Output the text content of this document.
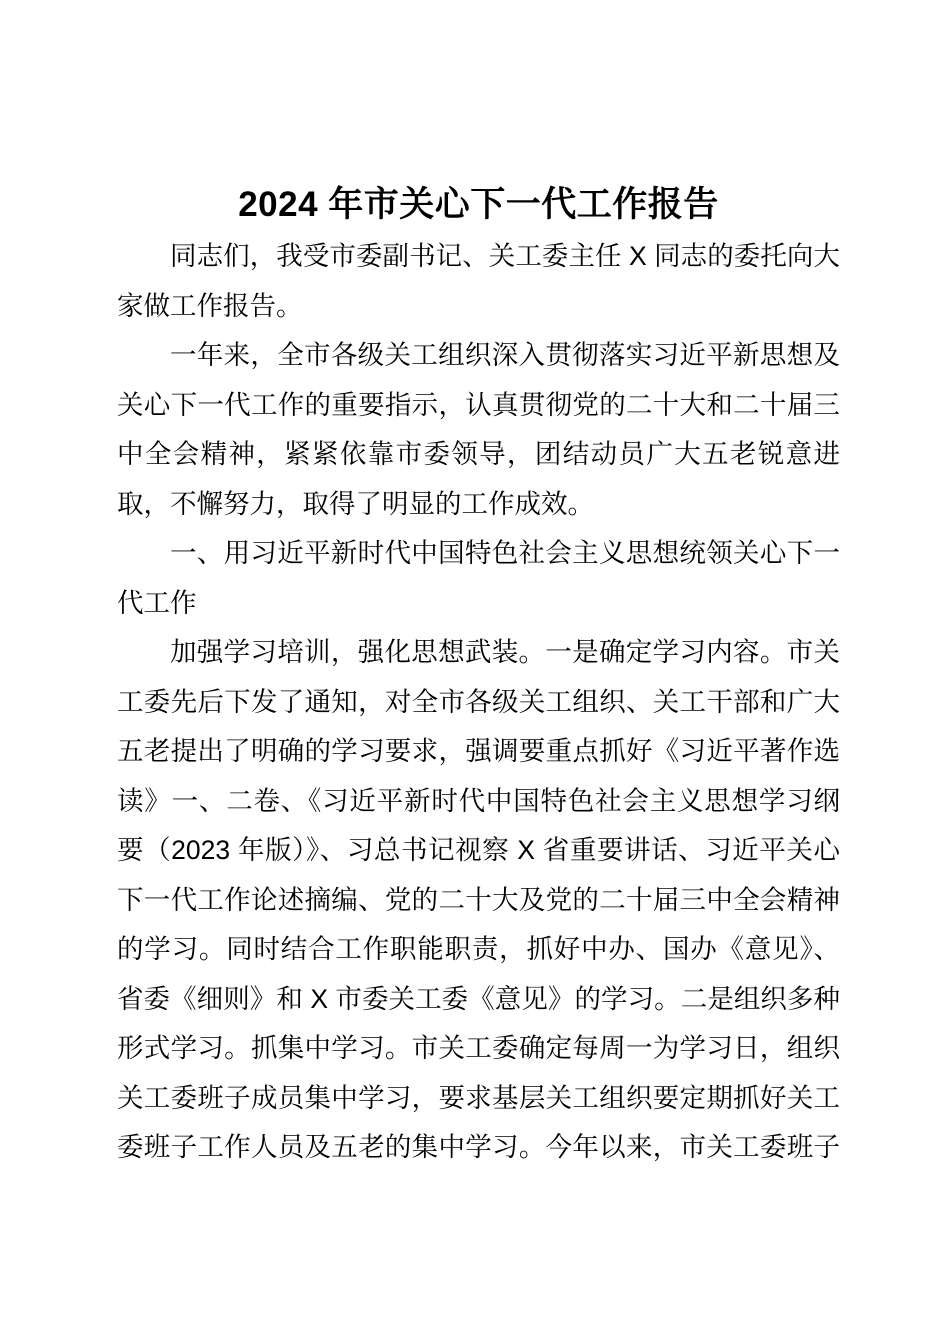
2024 年市关心下一代工作报告

同志们，我受市委副书记、关工委主任 X 同志的委托向大家做工作报告。

一年来，全市各级关工组织深入贯彻落实习近平新思想及关心下一代工作的重要指示，认真贯彻党的二十大和二十届三中全会精神，紧紧依靠市委领导，团结动员广大五老锐意进取，不懈努力，取得了明显的工作成效。

一、用习近平新时代中国特色社会主义思想统领关心下一代工作

加强学习培训，强化思想武装。一是确定学习内容。市关工委先后下发了通知，对全市各级关工组织、关工干部和广大五老提出了明确的学习要求，强调要重点抓好《习近平著作选读》一、二卷、《习近平新时代中国特色社会主义思想学习纲要（2023 年版）》、习总书记视察 X 省重要讲话、习近平关心下一代工作论述摘编、党的二十大及党的二十届三中全会精神的学习。同时结合工作职能职责，抓好中办、国办《意见》、省委《细则》和 X 市委关工委《意见》的学习。二是组织多种形式学习。抓集中学习。市关工委确定每周一为学习日，组织关工委班子成员集中学习，要求基层关工组织要定期抓好关工委班子工作人员及五老的集中学习。今年以来，市关工委班子
